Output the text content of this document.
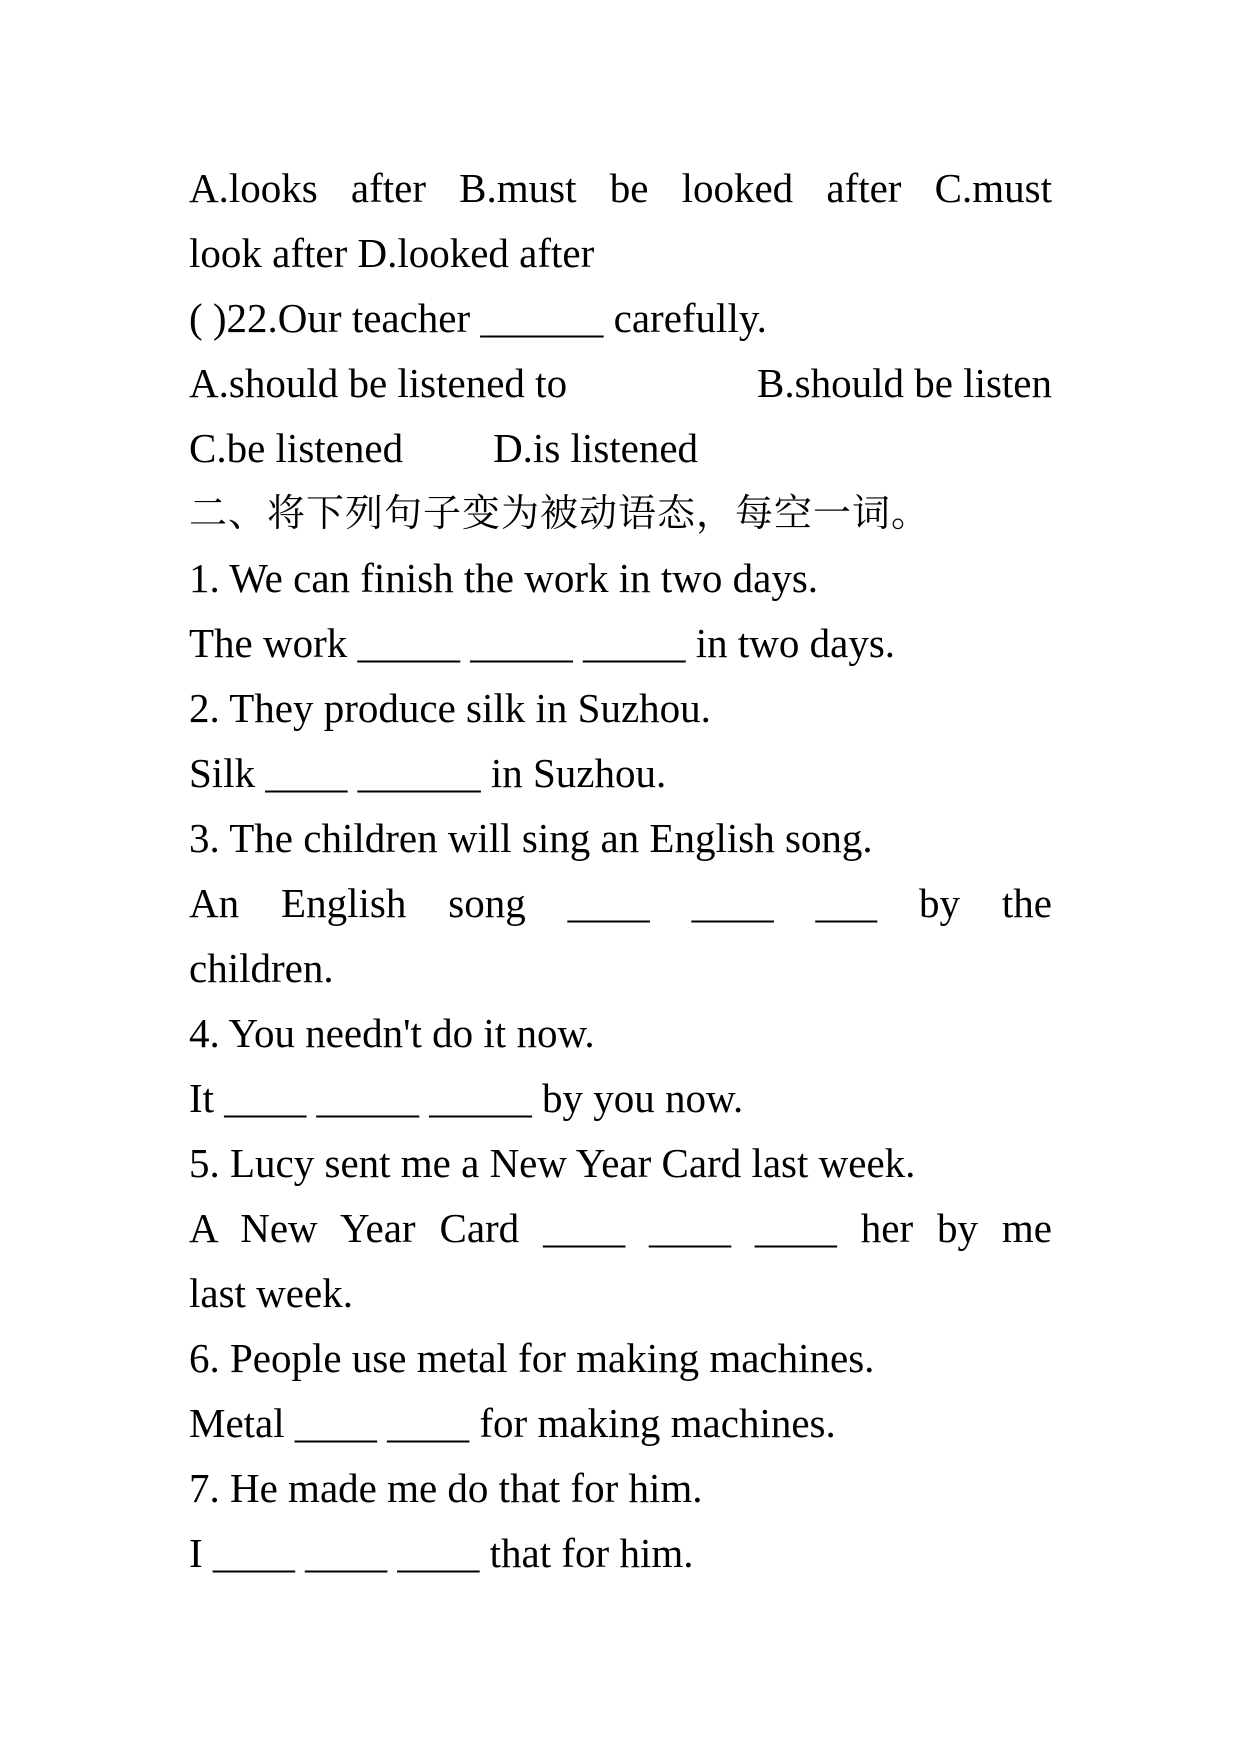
A.looks after B.must be looked after C.must
look after D.looked after
( )22.Our teacher ______ carefully.
A.should be listened to	B.should be listen
C.be listened D.is listened
二、将下列句子变为被动语态，每空一词。
1. We can finish the work in two days.
The work _____ _____ _____ in two days.
2. They produce silk in Suzhou.
Silk ____ ______ in Suzhou.
3. The children will sing an English song.
An English song ____ ____ ___ by the
children.
4. You needn't do it now.
It ____ _____ _____ by you now.
5. Lucy sent me a New Year Card last week.
A New Year Card ____ ____ ____ her by me
last week.
6. People use metal for making machines.
Metal ____ ____ for making machines.
7. He made me do that for him.
I ____ ____ ____ that for him.
